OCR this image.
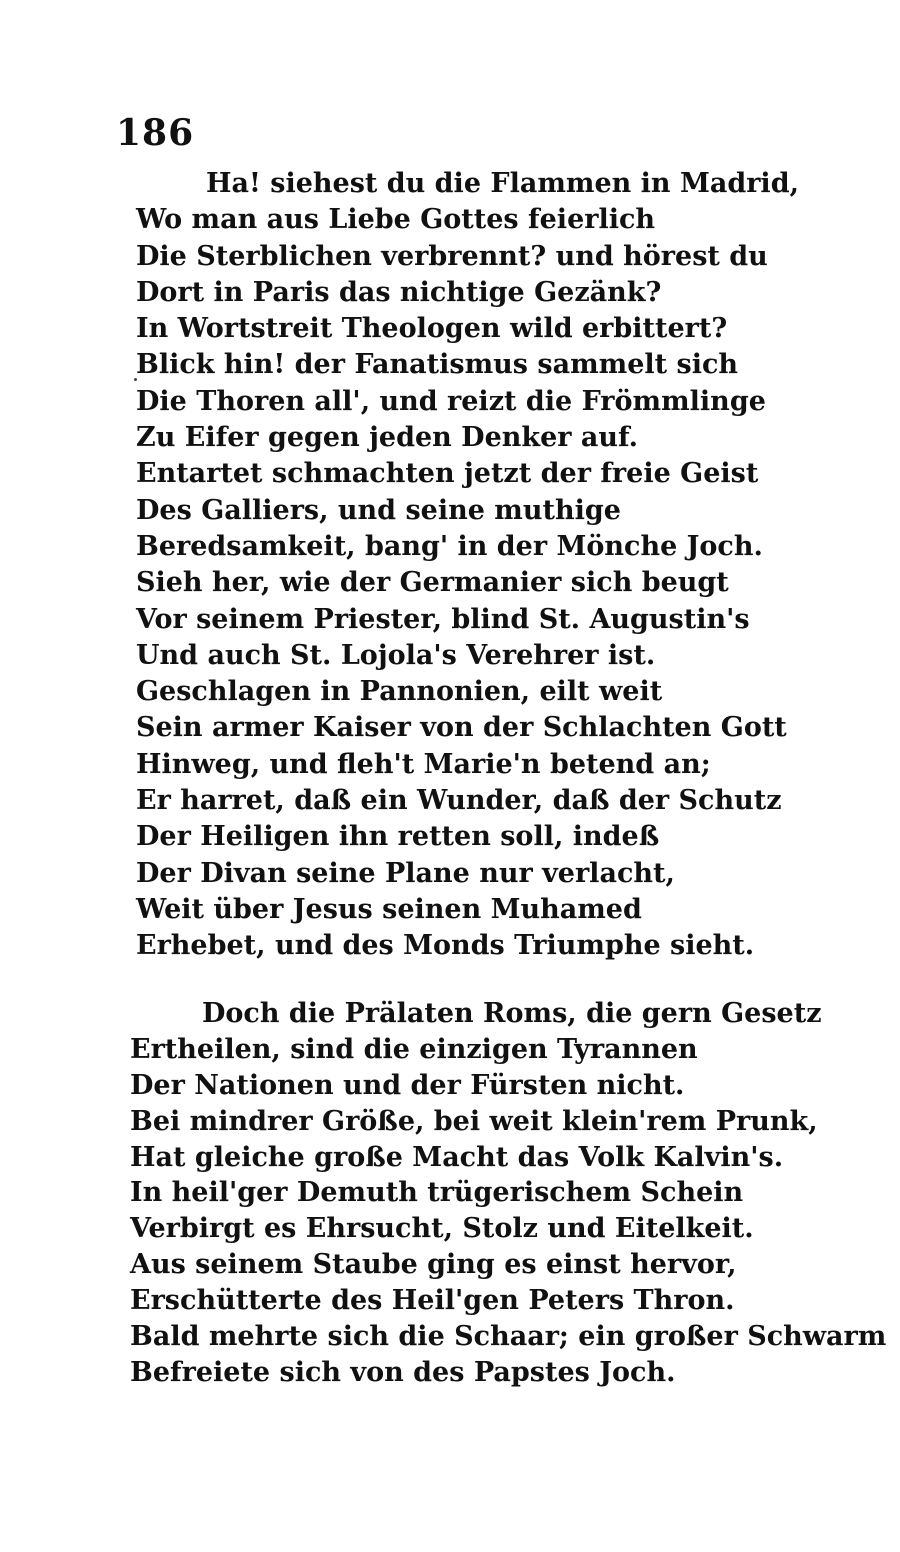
186
Ha! siehest du die Flammen in Madrid,
Wo man aus Liebe Gottes feierlich
Die Sterblichen verbrennt? und hörest du
Dort in Paris das nichtige Gezänk?
In Wortstreit Theologen wild erbittert?
Blick hin! der Fanatismus sammelt sich
Die Thoren all', und reizt die Frömmlinge
Zu Eifer gegen jeden Denker auf.
Entartet schmachten jetzt der freie Geist
Des Galliers, und seine muthige
Beredsamkeit, bang' in der Mönche Joch.
Sieh her, wie der Germanier sich beugt
Vor seinem Priester, blind St. Augustin's
Und auch St. Lojola's Verehrer ist.
Geschlagen in Pannonien, eilt weit
Sein armer Kaiser von der Schlachten Gott
Hinweg, und fleh't Marie'n betend an;
Er harret, daß ein Wunder, daß der Schutz
Der Heiligen ihn retten soll, indeß
Der Divan seine Plane nur verlacht,
Weit über Jesus seinen Muhamed
Erhebet, und des Monds Triumphe sieht.
Doch die Prälaten Roms, die gern Gesetz
Ertheilen, sind die einzigen Tyrannen
Der Nationen und der Fürsten nicht.
Bei mindrer Größe, bei weit klein'rem Prunk,
Hat gleiche große Macht das Volk Kalvin's.
In heil'ger Demuth trügerischem Schein
Verbirgt es Ehrsucht, Stolz und Eitelkeit.
Aus seinem Staube ging es einst hervor,
Erschütterte des Heil'gen Peters Thron.
Bald mehrte sich die Schaar; ein großer Schwarm
Befreiete sich von des Papstes Joch.
